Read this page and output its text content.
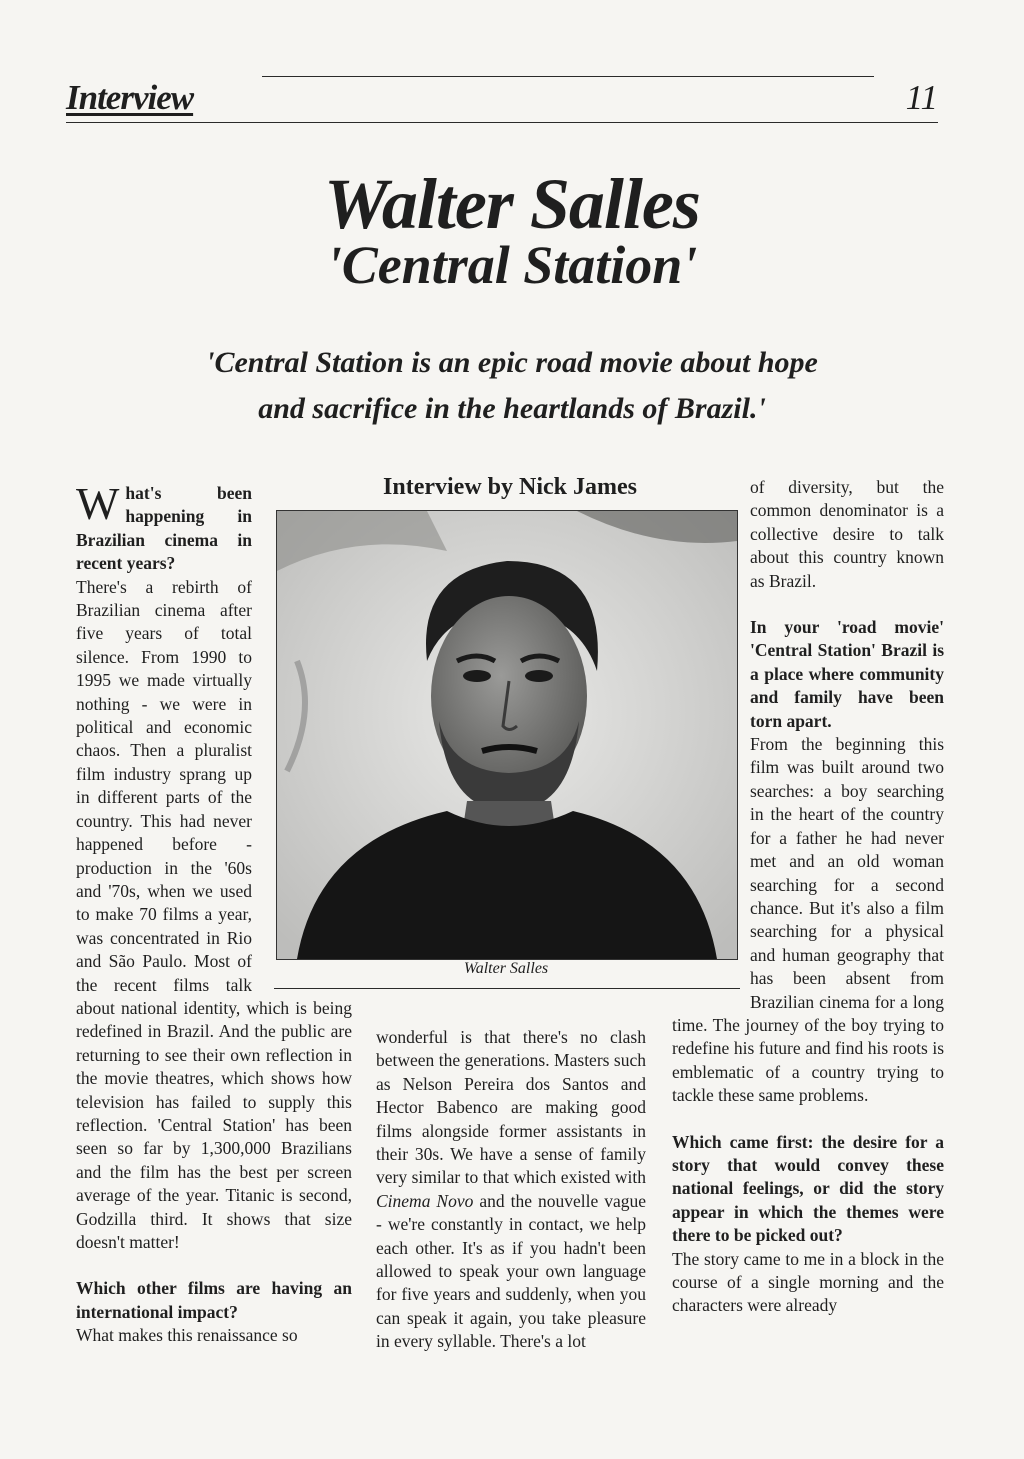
Interview	11
Walter Salles
'Central Station'
'Central Station is an epic road movie about hope and sacrifice in the heartlands of Brazil.'
Interview by Nick James
Walter Salles

What's been happening in Brazilian cinema in recent years?

There's a rebirth of Brazilian cinema after five years of total silence. From 1990 to 1995 we made virtually nothing - we were in political and economic chaos. Then a pluralist film industry sprang up in different parts of the country. This had never happened before - production in the '60s and '70s, when we used to make 70 films a year, was concentrated in Rio and São Paulo. Most of the recent films talk about national identity, which is being redefined in Brazil. And the public are returning to see their own reflection in the movie theatres, which shows how television has failed to supply this reflection. 'Central Station' has been seen so far by 1,300,000 Brazilians and the film has the best per screen average of the year. Titanic is second, Godzilla third. It shows that size doesn't matter!

Which other films are having an international impact?

What makes this renaissance so

wonderful is that there's no clash between the generations. Masters such as Nelson Pereira dos Santos and Hector Babenco are making good films alongside former assistants in their 30s. We have a sense of family very similar to that which existed with Cinema Novo and the nouvelle vague - we're constantly in contact, we help each other. It's as if you hadn't been allowed to speak your own language for five years and suddenly, when you can speak it again, you take pleasure in every syllable. There's a lot

of diversity, but the common denominator is a collective desire to talk about this country known as Brazil.

In your 'road movie' 'Central Station' Brazil is a place where community and family have been torn apart.

From the beginning this film was built around two searches: a boy searching in the heart of the country for a father he had never met and an old woman searching for a second chance. But it's also a film searching for a physical and human geography that has been absent from Brazilian cinema for a long time. The journey of the boy trying to redefine his future and find his roots is emblematic of a country trying to tackle these same problems.

Which came first: the desire for a story that would convey these national feelings, or did the story appear in which the themes were there to be picked out?

The story came to me in a block in the course of a single morning and the characters were already
